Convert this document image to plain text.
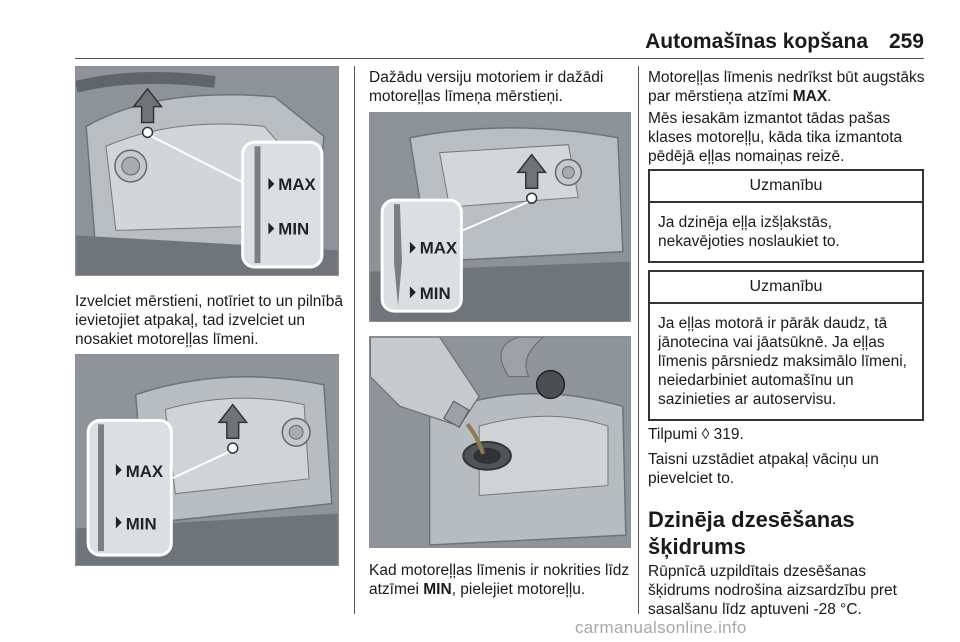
Automašīnas kopšana 259
MAX
MIN
Izvelciet mērstieni, notīriet to un pilnībā ievietojiet atpakaļ, tad izvelciet un nosakiet motoreļļas līmeni.
MAX
MIN
Dažādu versiju motoriem ir dažādi motoreļļas līmeņa mērstieņi.
MAX
MIN
Kad motoreļļas līmenis ir nokrities līdz atzīmei MIN, pielejiet motoreļļu.
Motoreļļas līmenis nedrīkst būt augstāks par mērstieņa atzīmi MAX.
Mēs iesakām izmantot tādas pašas klases motoreļļu, kāda tika izmantota pēdējā eļļas nomaiņas reizē.
Uzmanību
Ja dzinēja eļļa izšļakstās, nekavējoties noslaukiet to.
Uzmanību
Ja eļļas motorā ir pārāk daudz, tā jānotecina vai jāatsūknē. Ja eļļas līmenis pārsniedz maksimālo līmeni, neiedarbiniet automašīnu un sazinieties ar autoservisu.
Tilpumi ◊ 319.
Taisni uzstādiet atpakaļ vāciņu un pievelciet to.
Dzinēja dzesēšanas šķidrums
Rūpnīcā uzpildītais dzesēšanas šķidrums nodrošina aizsardzību pret sasalšanu līdz aptuveni -28 °C.
carmanualsonline.info
